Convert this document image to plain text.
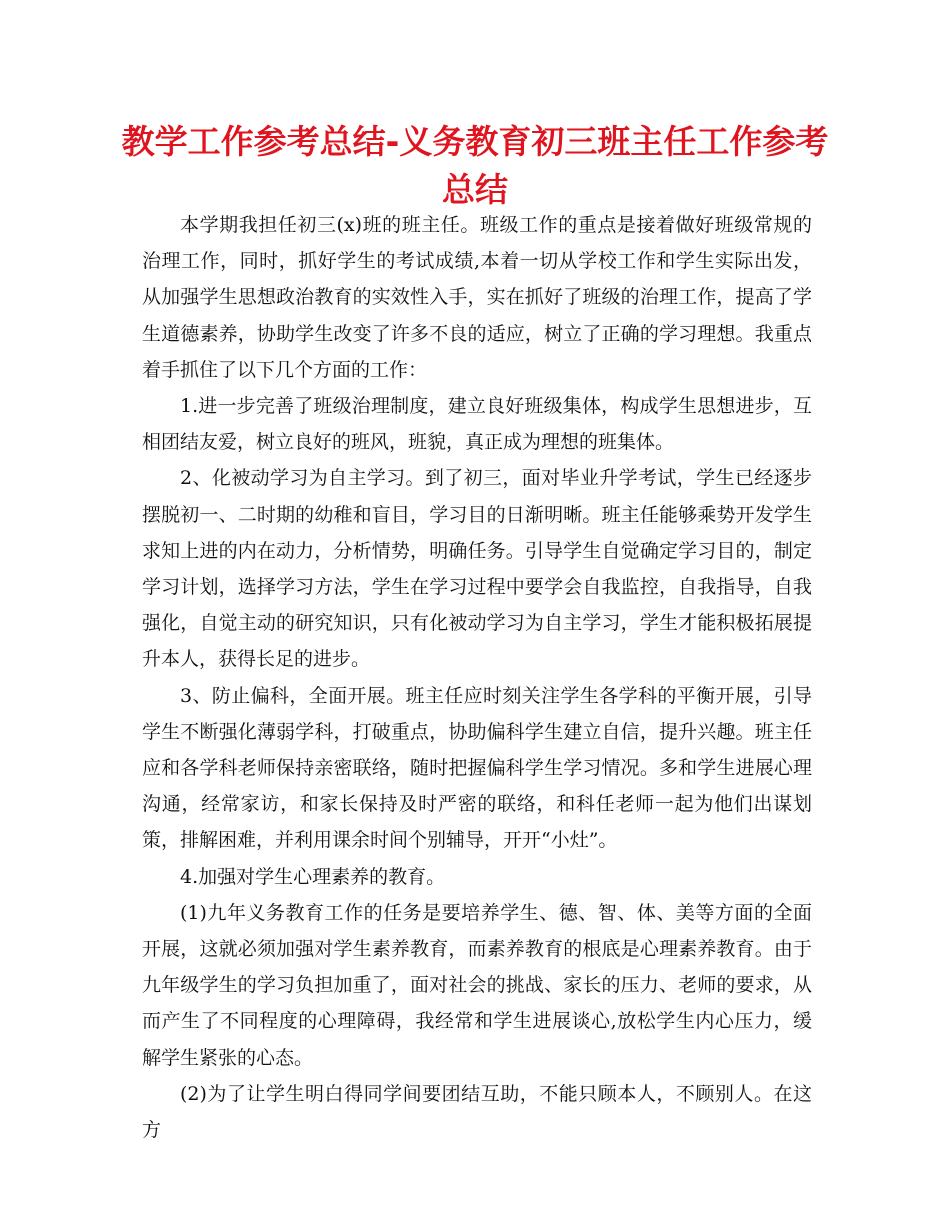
教学工作参考总结-义务教育初三班主任工作参考总结

本学期我担任初三(x)班的班主任。班级工作的重点是接着做好班级常规的治理工作，同时，抓好学生的考试成绩,本着一切从学校工作和学生实际出发，从加强学生思想政治教育的实效性入手，实在抓好了班级的治理工作，提高了学生道德素养，协助学生改变了许多不良的适应，树立了正确的学习理想。我重点着手抓住了以下几个方面的工作：

1.进一步完善了班级治理制度，建立良好班级集体，构成学生思想进步，互相团结友爱，树立良好的班风，班貌，真正成为理想的班集体。

2、化被动学习为自主学习。到了初三，面对毕业升学考试，学生已经逐步摆脱初一、二时期的幼稚和盲目，学习目的日渐明晰。班主任能够乘势开发学生求知上进的内在动力，分析情势，明确任务。引导学生自觉确定学习目的，制定学习计划，选择学习方法，学生在学习过程中要学会自我监控，自我指导，自我强化，自觉主动的研究知识，只有化被动学习为自主学习，学生才能积极拓展提升本人，获得长足的进步。

3、防止偏科，全面开展。班主任应时刻关注学生各学科的平衡开展，引导学生不断强化薄弱学科，打破重点，协助偏科学生建立自信，提升兴趣。班主任应和各学科老师保持亲密联络，随时把握偏科学生学习情况。多和学生进展心理沟通，经常家访，和家长保持及时严密的联络，和科任老师一起为他们出谋划策，排解困难，并利用课余时间个别辅导，开开“小灶”。

4.加强对学生心理素养的教育。

(1)九年义务教育工作的任务是要培养学生、德、智、体、美等方面的全面开展，这就必须加强对学生素养教育，而素养教育的根底是心理素养教育。由于九年级学生的学习负担加重了，面对社会的挑战、家长的压力、老师的要求，从而产生了不同程度的心理障碍，我经常和学生进展谈心,放松学生内心压力，缓解学生紧张的心态。

(2)为了让学生明白得同学间要团结互助，不能只顾本人，不顾别人。在这方
